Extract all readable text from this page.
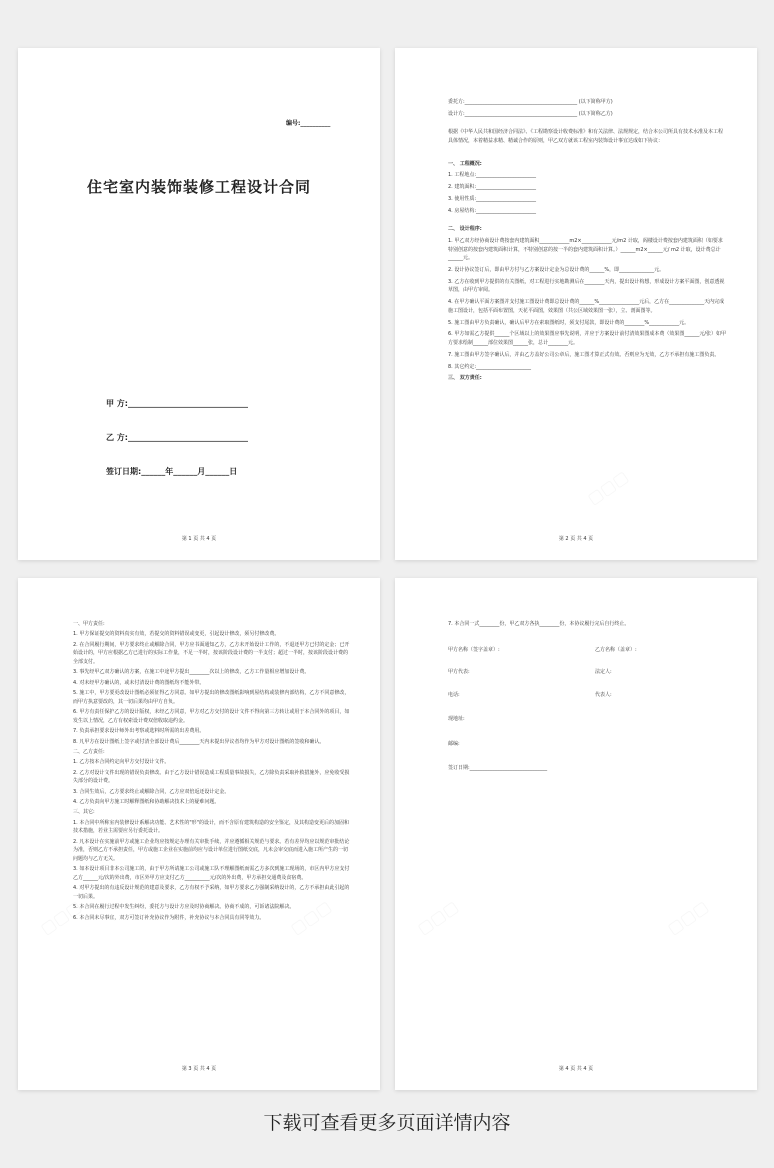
编号:__________
住宅室内装饰装修工程设计合同
甲 方:______________________________
乙 方:______________________________
签订日期:______年______月______日
第 1 页 共 4 页
委托方:_____________________________________________ (以下简称甲方)
设计方:_____________________________________________ (以下简称乙方)
根据《中华人民共和国经济合同法》、《工程勘察设计收费标准》和有关法律、法规规定，结合本公司所具有技术水准及本工程具体情况，本着精益求精、精诚合作的原则，甲乙双方就该工程室内装饰设计事宜达成如下协议：
一、 工程概况:
1. 工程地点:________________________
2. 建筑面积:________________________
3. 使用性质:________________________
4. 房屋结构:________________________
二、 设计程序:
1. 甲乙双方经协商设计费按套内建筑面积____________m2×____________元/m2 计取，阁楼设计费按套内建筑面积（如要求特别创意的按套内建筑面积计算，不特别创意的按一半的套内建筑面积计算。）______m2×______元/ m2 计取，设计费总计______元。
2. 设计协议签订后，即由甲方付与乙方案设计定金为总设计费的______%，即______________元。
3. 乙方在收到甲方提供的有关图纸，对工程进行实地勘测后在________天内，提出设计构想，形成设计方案平面图，创意透视草图，由甲方审阅。
4. 在甲方确认平面方案图并支付施工图设计费即总设计费的______%________________元后，乙方在______________天内完成施工图设计，包括平面布置图，天花平面图，效果图（共公区域效果图一张），立、剖面图等。
5. 施工图由甲方负责确认，确认后甲方在索取图纸时，须支付尾款，即设计费的________%____________元。
6. 甲方如需乙方提供______个区域以上的效果图应事先说明，并应于方案设计前付清效果图成本费（效果图______元/张）如甲方要求绘制______部位效果图______张，总计________元。
7. 施工图由甲方签字确认后，并由乙方盖好公司公章后，施工图才算正式有效。否则应为无效，乙方不承担有施工图负责。
8. 其它约定:______________________
三、 双方责任:
第 2 页 共 4 页
一、甲方责任:
1. 甲方保证提交的资料真实有效，若提交的资料错误或变更，引起设计修改，须另付修改费。
2. 在合同履行期间，甲方要求终止或解除合同，甲方应书面通知乙方，乙方未开始设计工作的，不退还甲方已付的定金；已开始设计的，甲方应根据乙方已进行的实际工作量，不足一半时，按该阶段设计费的一半支付；超过一半时，按该阶段设计费的全部支付。
3. 事先经甲乙双方确认的方案，在施工中途甲方提出________次以上的修改，乙方工作量相应增加设计费。
4. 对未经甲方确认的，或未付清设计费的图纸均不能外带。
5. 施工中，甲方要更改设计图纸必须征得乙方同意。如甲方提出的修改图纸影响到屋结构或装修内部结构，乙方不同意修改，而甲方执意要改的，其一切后果均由甲方自负。
6. 甲方有责任保护乙方的设计版权，未经乙方同意，甲方对乙方交付的设计文件不得向第三方转让或用于本合同外的项目，如发生以上情况，乙方有权索设计费双倍收取违约金。
7. 负责承担要求设计师外出考察或选料时所需的出差费用。
8. 凡甲方在设计图纸上签字或付清全部设计费后________天内未提出异议者均作为甲方对设计图纸的签收和确认。
二、乙方责任:
1. 乙方按本合同约定向甲方交付设计文件。
2. 乙方对设计文件出现的错误负责修改。由于乙方设计错误造成工程质量事故损失，乙方除负责采取补救措施外，应免收受损失部分的设计费。
3. 合同生效后，乙方要求终止或解除合同，乙方应双倍返还设计定金。
4. 乙方负责向甲方施工时解释图纸和协助解决技术上的疑难问题。
三、其它:
1. 本合同中所称室内装修设计系解决功能、艺术性的"形"的设计，而不含原有建筑构造的安全鉴定，及其构造变更后的加固和技术措施，若业主需要应另行委托设计。
2. 凡本设计在实施前甲方或施工企业均应按规定办理有关审批手续，并应遵循相关规范与要求。若有差异均应以规范审批结论为准，否则乙方不承担责任，甲方或施工企业在实施前均应与设计单位进行图纸交底，凡未会审交底而进入施工所产生的一切问题均与乙方无关。
3. 如本设计项目非本公司施工的，由于甲方所请施工公司或施工队不理解图纸而需乙方多次到施工现场的，市区内甲方应支付乙方______元/次的外出费，市区外甲方应支付乙方__________元/次的外出费，甲方承担交通费及食宿费。
4. 对甲方提出的有违反设计规范的建意及要求，乙方有权不予采纳，如甲方要求乙方强制采纳设计的，乙方不承担由此引起的一切后果。
5. 本合同在履行过程中发生纠纷，委托方与设计方应及时协商解决。协商不成的，可诉诸法院解决。
6. 本合同未尽事宜，双方可签订补充协议作为附件，补充协议与本合同具有同等效力。
第 3 页 共 4 页
7. 本合同一式________份，甲乙双方各执________份，本协议履行完后自行终止。
甲方名称（签字盖章）:	乙方名称（盖章）:
甲方代表:	法定人:
电话:	代表人:
现地址:
邮编:
签订日期:_______________________________
第 4 页 共 4 页
下载可查看更多页面详情内容
